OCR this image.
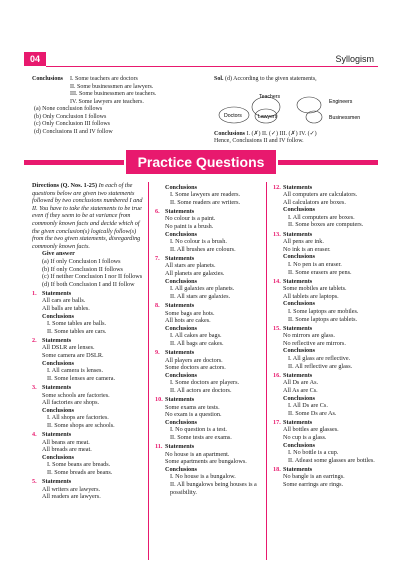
04	Syllogism
Conclusions	I. Some teachers are doctors
II. Some businessmen are lawyers.
III. Some businessmen are teachers.
IV. Some lawyers are teachers.
(a) None conclusion follows
(b) Only Conclusion I follows
(c) Only Conclusion III follows
(d) Conclusions II and IV follow
Sol. (d) According to the given statements,
Teachers
Engineers
Doctors	Lawyers	Businessmen
Conclusions I. (✗) II. (✓) III. (✗) IV. (✓)
Hence, Conclusions II and IV follow.
Practice Questions
Directions (Q. Nos. 1-25) In each of the questions below are given two statements followed by two conclusions numbered I and II. You have to take the statements to be true even if they seem to be at variance from commonly known facts and decide which of the given conclusion(s) logically follow(s) from the two given statements, disregarding commonly known facts.
Give answer
(a) If only Conclusion I follows
(b) If only Conclusion II follows
(c) If neither Conclusion I nor II follows
(d) If both Conclusion I and II follow
1. Statements
All cars are balls.
All balls are tables.
Conclusions
I. Some tables are balls.
II. Some tables are cars.
2. Statements
All DSLR are lenses.
Some camera are DSLR.
Conclusions
I. All camera is lenses.
II. Some lenses are camera.
3. Statements
Some schools are factories.
All factories are shops.
Conclusions
I. All shops are factories.
II. Some shops are schools.
4. Statements
All beans are meat.
All breads are meat.
Conclusions
I. Some beans are breads.
II. Some breads are beans.
5. Statements
All writers are lawyers.
All readers are lawyers.
Conclusions
I. Some lawyers are readers.
II. Some readers are writers.
6. Statements
No colour is a paint.
No paint is a brush.
Conclusions
I. No colour is a brush.
II. All brushes are colours.
7. Statements
All stars are planets.
All planets are galaxies.
Conclusions
I. All galaxies are planets.
II. All stars are galaxies.
8. Statements
Some bags are hots.
All hots are cakes.
Conclusions
I. All cakes are bags.
II. All bags are cakes.
9. Statements
All players are doctors.
Some doctors are actors.
Conclusions
I. Some doctors are players.
II. All actors are doctors.
10. Statements
Some exams are tests.
No exam is a question.
Conclusions
I. No question is a test.
II. Some tests are exams.
11. Statements
No house is an apartment.
Some apartments are bungalows.
Conclusions
I. No house is a bungalow.
II. All bungalows being houses is a possibility.
12. Statements
All computers are calculators.
All calculators are boxes.
Conclusions
I. All computers are boxes.
II. Some boxes are computers.
13. Statements
All pens are ink.
No ink is an eraser.
Conclusions
I. No pen is an eraser.
II. Some erasers are pens.
14. Statements
Some mobiles are tablets.
All tablets are laptops.
Conclusions
I. Some laptops are mobiles.
II. Some laptops are tablets.
15. Statements
No mirrors are glass.
No reflective are mirrors.
Conclusions
I. All glass are reflective.
II. All reflective are glass.
16. Statements
All Ds are As.
All As are Cs.
Conclusions
I. All Ds are Cs.
II. Some Ds are As.
17. Statements
All bottles are glasses.
No cup is a glass.
Conclusions
I. No bottle is a cup.
II. Atleast some glasses are bottles.
18. Statements
No bangle is an earrings.
Some earrings are rings.
